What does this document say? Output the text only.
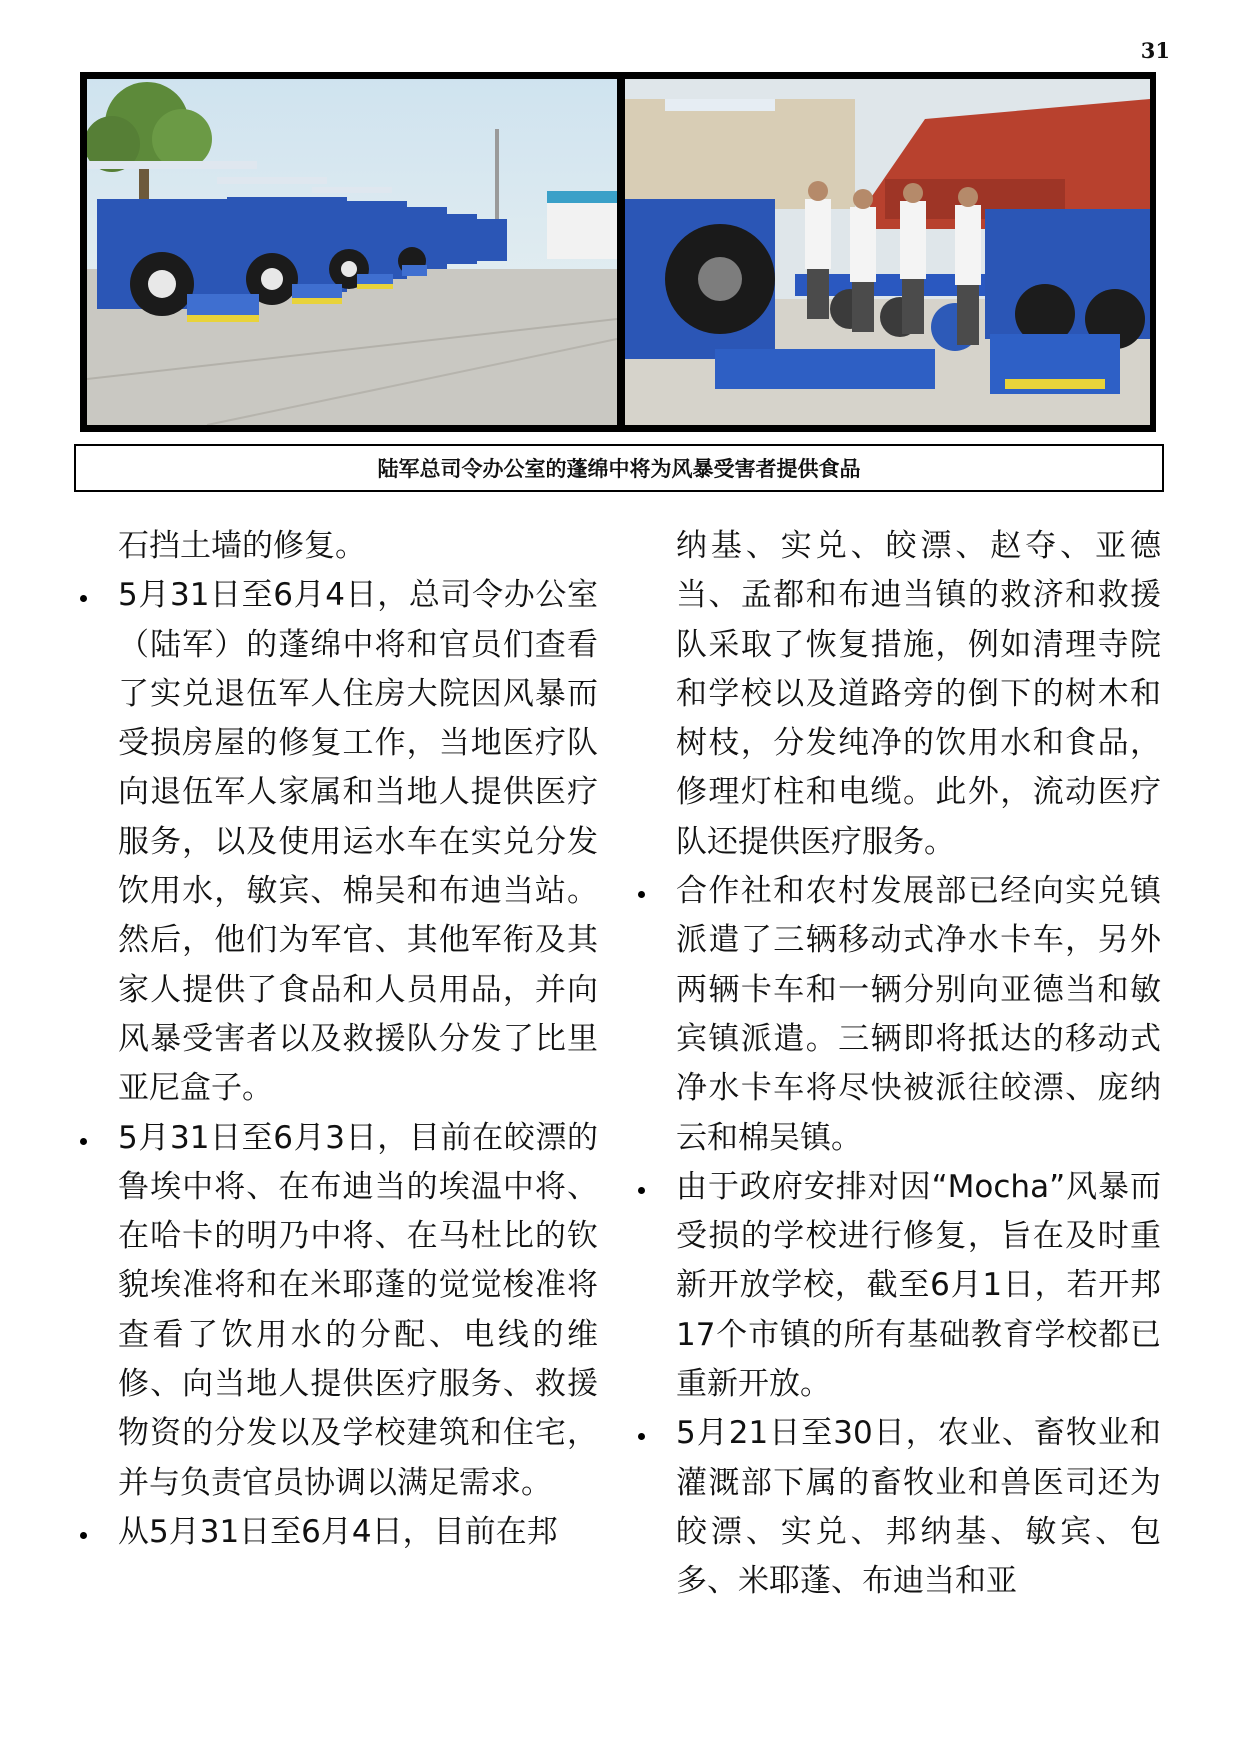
31
陆军总司令办公室的蓬绵中将为风暴受害者提供食品

石挡土墙的修复。

5月31日至6月4日，总司令办公室（陆军）的蓬绵中将和官员们查看了实兑退伍军人住房大院因风暴而受损房屋的修复工作，当地医疗队向退伍军人家属和当地人提供医疗服务，以及使用运水车在实兑分发饮用水，敏宾、棉吴和布迪当站。然后，他们为军官、其他军衔及其家人提供了食品和人员用品，并向风暴受害者以及救援队分发了比里亚尼盒子。

5月31日至6月3日，目前在皎漂的鲁埃中将、在布迪当的埃温中将、在哈卡的明乃中将、在马杜比的钦貌埃准将和在米耶蓬的觉觉梭准将查看了饮用水的分配、电线的维修、向当地人提供医疗服务、救援物资的分发以及学校建筑和住宅，并与负责官员协调以满足需求。

从5月31日至6月4日，目前在邦

纳基、实兑、皎漂、赵夺、亚德当、孟都和布迪当镇的救济和救援队采取了恢复措施，例如清理寺院和学校以及道路旁的倒下的树木和树枝，分发纯净的饮用水和食品，修理灯柱和电缆。此外，流动医疗队还提供医疗服务。

合作社和农村发展部已经向实兑镇派遣了三辆移动式净水卡车，另外两辆卡车和一辆分别向亚德当和敏宾镇派遣。三辆即将抵达的移动式净水卡车将尽快被派往皎漂、庞纳云和棉吴镇。

由于政府安排对因“Mocha”风暴而受损的学校进行修复，旨在及时重新开放学校，截至6月1日，若开邦17个市镇的所有基础教育学校都已重新开放。

5月21日至30日，农业、畜牧业和灌溉部下属的畜牧业和兽医司还为皎漂、实兑、邦纳基、敏宾、包多、米耶蓬、布迪当和亚
